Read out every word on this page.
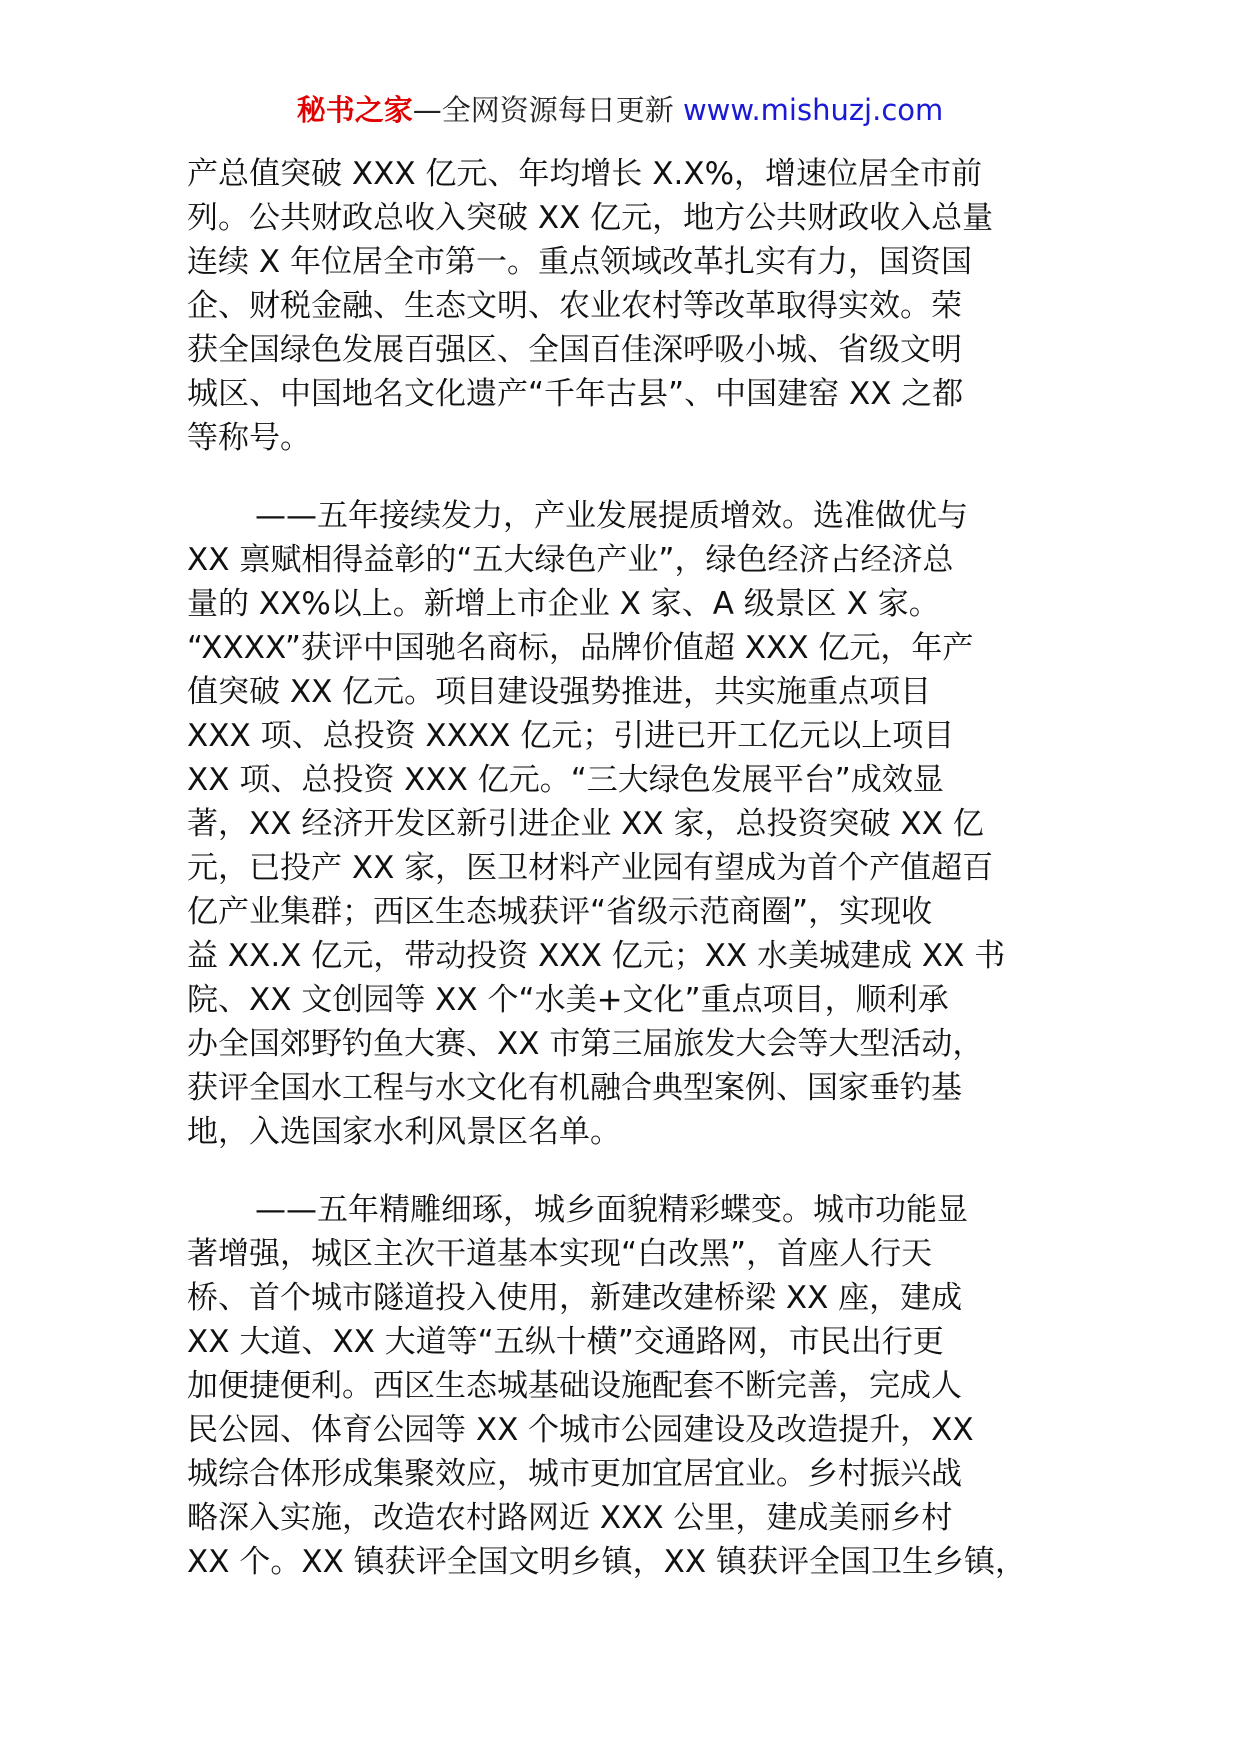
秘书之家—全网资源每日更新 www.mishuzj.com
产总值突破 XXX 亿元、年均增长 X.X%，增速位居全市前
列。公共财政总收入突破 XX 亿元，地方公共财政收入总量
连续 X 年位居全市第一。重点领域改革扎实有力，国资国
企、财税金融、生态文明、农业农村等改革取得实效。荣
获全国绿色发展百强区、全国百佳深呼吸小城、省级文明
城区、中国地名文化遗产“千年古县”、中国建窑 XX 之都
等称号。
——五年接续发力，产业发展提质增效。选准做优与
XX 禀赋相得益彰的“五大绿色产业”，绿色经济占经济总
量的 XX%以上。新增上市企业 X 家、A 级景区 X 家。
“XXXX”获评中国驰名商标，品牌价值超 XXX 亿元，年产
值突破 XX 亿元。项目建设强势推进，共实施重点项目
XXX 项、总投资 XXXX 亿元；引进已开工亿元以上项目
XX 项、总投资 XXX 亿元。“三大绿色发展平台”成效显
著，XX 经济开发区新引进企业 XX 家，总投资突破 XX 亿
元，已投产 XX 家，医卫材料产业园有望成为首个产值超百
亿产业集群；西区生态城获评“省级示范商圈”，实现收
益 XX.X 亿元，带动投资 XXX 亿元；XX 水美城建成 XX 书
院、XX 文创园等 XX 个“水美+文化”重点项目，顺利承
办全国郊野钓鱼大赛、XX 市第三届旅发大会等大型活动，
获评全国水工程与水文化有机融合典型案例、国家垂钓基
地，入选国家水利风景区名单。
——五年精雕细琢，城乡面貌精彩蝶变。城市功能显
著增强，城区主次干道基本实现“白改黑”，首座人行天
桥、首个城市隧道投入使用，新建改建桥梁 XX 座，建成
XX 大道、XX 大道等“五纵十横”交通路网，市民出行更
加便捷便利。西区生态城基础设施配套不断完善，完成人
民公园、体育公园等 XX 个城市公园建设及改造提升，XX
城综合体形成集聚效应，城市更加宜居宜业。乡村振兴战
略深入实施，改造农村路网近 XXX 公里，建成美丽乡村
XX 个。XX 镇获评全国文明乡镇，XX 镇获评全国卫生乡镇，
